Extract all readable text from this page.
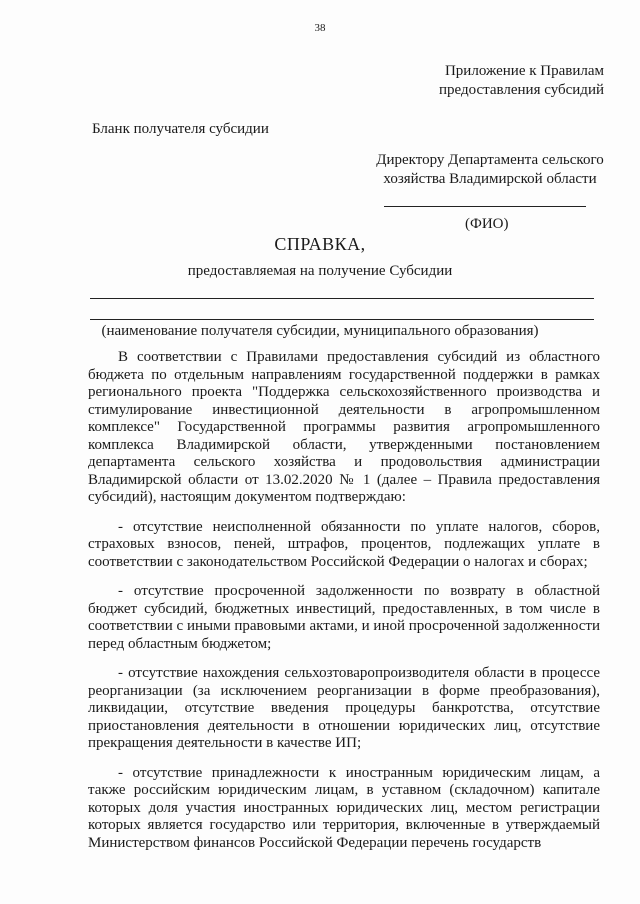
38
Приложение к Правилам
предоставления субсидий
Бланк получателя субсидии
Директору Департамента сельского
хозяйства Владимирской области
(ФИО)
СПРАВКА,
предоставляемая на получение Субсидии
(наименование получателя субсидии, муниципального образования)

В соответствии с Правилами предоставления субсидий из областного бюджета по отдельным направлениям государственной поддержки в рамках регионального проекта "Поддержка сельскохозяйственного производства и стимулирование инвестиционной деятельности в агропромышленном комплексе" Государственной программы развития агропромышленного комплекса Владимирской области, утвержденными постановлением департамента сельского хозяйства и продовольствия администрации Владимирской области от 13.02.2020 № 1 (далее – Правила предоставления субсидий), настоящим документом подтверждаю:

- отсутствие неисполненной обязанности по уплате налогов, сборов, страховых взносов, пеней, штрафов, процентов, подлежащих уплате в соответствии с законодательством Российской Федерации о налогах и сборах;

- отсутствие просроченной задолженности по возврату в областной бюджет субсидий, бюджетных инвестиций, предоставленных, в том числе в соответствии с иными правовыми актами, и иной просроченной задолженности перед областным бюджетом;

- отсутствие нахождения сельхозтоваропроизводителя области в процессе реорганизации (за исключением реорганизации в форме преобразования), ликвидации, отсутствие введения процедуры банкротства, отсутствие приостановления деятельности в отношении юридических лиц, отсутствие прекращения деятельности в качестве ИП;

- отсутствие принадлежности к иностранным юридическим лицам, а также российским юридическим лицам, в уставном (складочном) капитале которых доля участия иностранных юридических лиц, местом регистрации которых является государство или территория, включенные в утверждаемый Министерством финансов Российской Федерации перечень государств
